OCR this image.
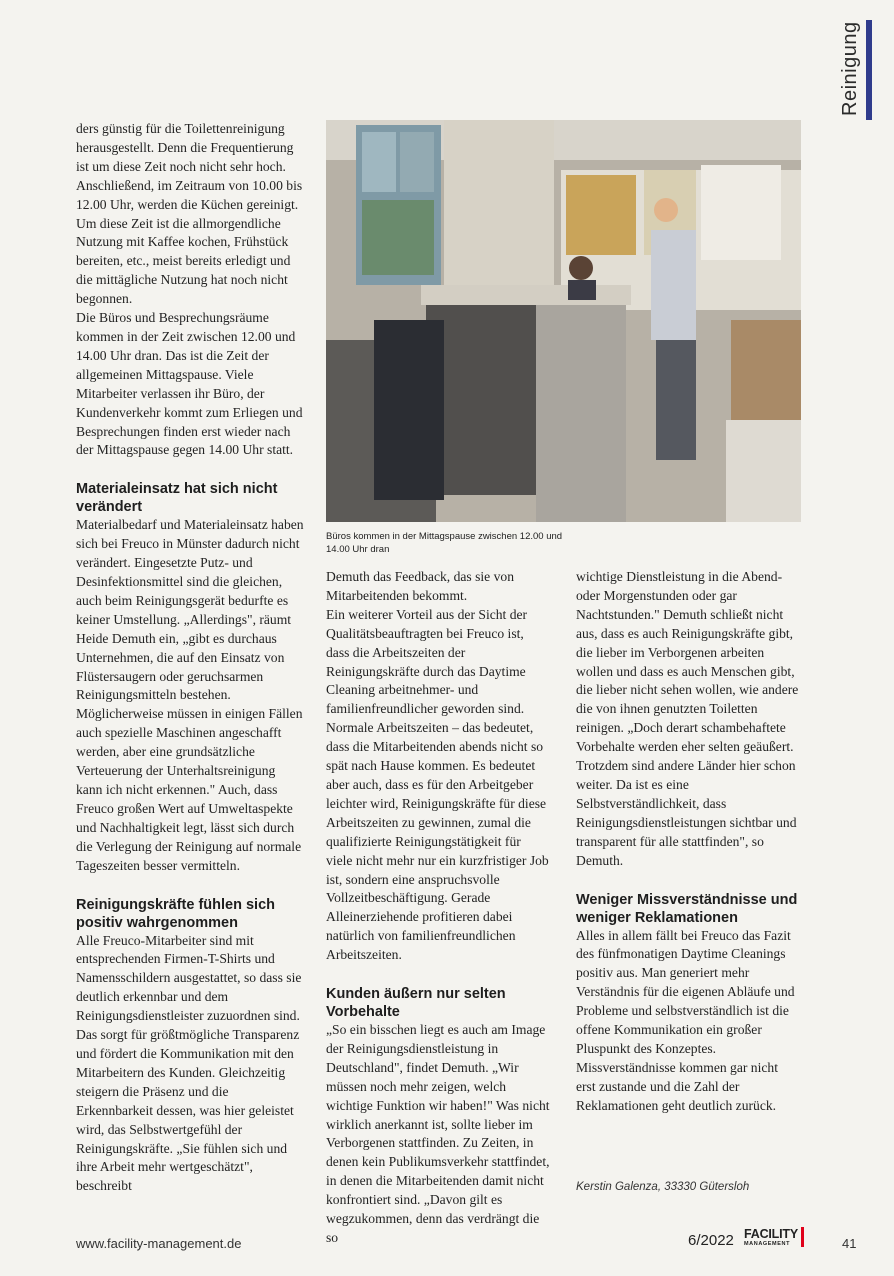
Reinigung

ders günstig für die Toilettenreinigung herausgestellt. Denn die Frequentierung ist um diese Zeit noch nicht sehr hoch. Anschließend, im Zeitraum von 10.00 bis 12.00 Uhr, werden die Küchen gereinigt. Um diese Zeit ist die allmorgendliche Nutzung mit Kaffee kochen, Frühstück bereiten, etc., meist bereits erledigt und die mittägliche Nutzung hat noch nicht begonnen.

Die Büros und Besprechungsräume kommen in der Zeit zwischen 12.00 und 14.00 Uhr dran. Das ist die Zeit der allgemeinen Mittagspause. Viele Mitarbeiter verlassen ihr Büro, der Kundenverkehr kommt zum Erliegen und Besprechungen finden erst wieder nach der Mittagspause gegen 14.00 Uhr statt.

Materialeinsatz hat sich nicht verändert

Materialbedarf und Materialeinsatz haben sich bei Freuco in Münster dadurch nicht verändert. Eingesetzte Putz- und Desinfektionsmittel sind die gleichen, auch beim Reinigungsgerät bedurfte es keiner Umstellung. „Allerdings", räumt Heide Demuth ein, „gibt es durchaus Unternehmen, die auf den Einsatz von Flüstersaugern oder geruchsarmen Reinigungsmitteln bestehen. Möglicherweise müssen in einigen Fällen auch spezielle Maschinen angeschafft werden, aber eine grundsätzliche Verteuerung der Unterhaltsreinigung kann ich nicht erkennen." Auch, dass Freuco großen Wert auf Umweltaspekte und Nachhaltigkeit legt, lässt sich durch die Verlegung der Reinigung auf normale Tageszeiten besser vermitteln.

Reinigungskräfte fühlen sich positiv wahrgenommen

Alle Freuco-Mitarbeiter sind mit entsprechenden Firmen-T-Shirts und Namensschildern ausgestattet, so dass sie deutlich erkennbar und dem Reinigungsdienstleister zuzuordnen sind. Das sorgt für größtmögliche Transparenz und fördert die Kommunikation mit den Mitarbeitern des Kunden. Gleichzeitig steigern die Präsenz und die Erkennbarkeit dessen, was hier geleistet wird, das Selbstwertgefühl der Reinigungskräfte. „Sie fühlen sich und ihre Arbeit mehr wertgeschätzt", beschreibt

Büros kommen in der Mittagspause zwischen 12.00 und 14.00 Uhr dran

Demuth das Feedback, das sie von Mitarbeitenden bekommt.

Ein weiterer Vorteil aus der Sicht der Qualitätsbeauftragten bei Freuco ist, dass die Arbeitszeiten der Reinigungskräfte durch das Daytime Cleaning arbeitnehmer- und familienfreundlicher geworden sind. Normale Arbeitszeiten – das bedeutet, dass die Mitarbeitenden abends nicht so spät nach Hause kommen. Es bedeutet aber auch, dass es für den Arbeitgeber leichter wird, Reinigungskräfte für diese Arbeitszeiten zu gewinnen, zumal die qualifizierte Reinigungstätigkeit für viele nicht mehr nur ein kurzfristiger Job ist, sondern eine anspruchsvolle Vollzeitbeschäftigung. Gerade Alleinerziehende profitieren dabei natürlich von familienfreundlichen Arbeitszeiten.

Kunden äußern nur selten Vorbehalte

„So ein bisschen liegt es auch am Image der Reinigungsdienstleistung in Deutschland", findet Demuth. „Wir müssen noch mehr zeigen, welch wichtige Funktion wir haben!" Was nicht wirklich anerkannt ist, sollte lieber im Verborgenen stattfinden. Zu Zeiten, in denen kein Publikumsverkehr stattfindet, in denen die Mitarbeitenden damit nicht konfrontiert sind. „Davon gilt es wegzukommen, denn das verdrängt die so

wichtige Dienstleistung in die Abend- oder Morgenstunden oder gar Nachtstunden." Demuth schließt nicht aus, dass es auch Reinigungskräfte gibt, die lieber im Verborgenen arbeiten wollen und dass es auch Menschen gibt, die lieber nicht sehen wollen, wie andere die von ihnen genutzten Toiletten reinigen. „Doch derart schambehaftete Vorbehalte werden eher selten geäußert. Trotzdem sind andere Länder hier schon weiter. Da ist es eine Selbstverständlichkeit, dass Reinigungsdienstleistungen sichtbar und transparent für alle stattfinden", so Demuth.

Weniger Missverständnisse und weniger Reklamationen

Alles in allem fällt bei Freuco das Fazit des fünfmonatigen Daytime Cleanings positiv aus. Man generiert mehr Verständnis für die eigenen Abläufe und Probleme und selbstverständlich ist die offene Kommunikation ein großer Pluspunkt des Konzeptes. Missverständnisse kommen gar nicht erst zustande und die Zahl der Reklamationen geht deutlich zurück.

Kerstin Galenza, 33330 Gütersloh
www.facility-management.de	6/2022 FACILITY
MANAGEMENT	41
